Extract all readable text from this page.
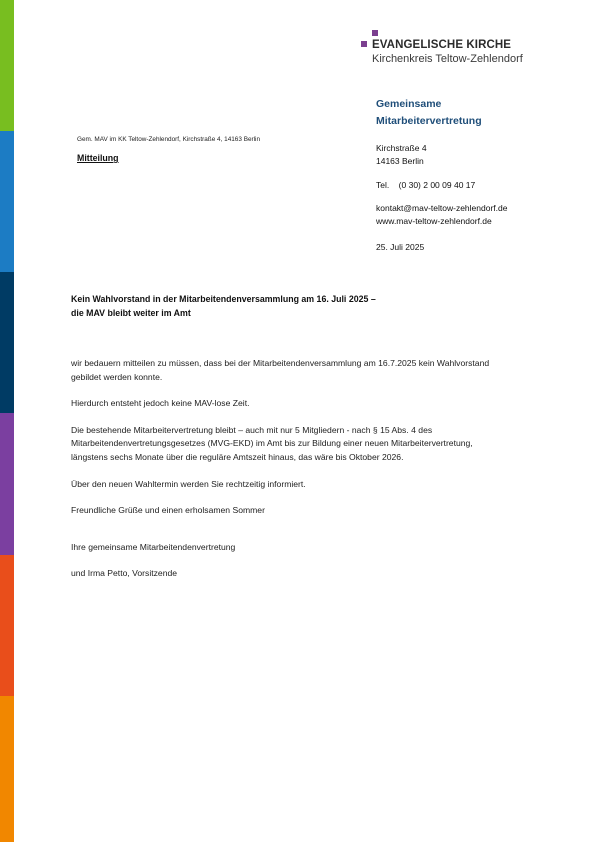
EVANGELISCHE KIRCHE
Kirchenkreis Teltow-Zehlendorf
Gemeinsame
Mitarbeitervertretung
Kirchstraße 4
14163 Berlin
Tel.    (0 30) 2 00 09 40 17
kontakt@mav-teltow-zehlendorf.de
www.mav-teltow-zehlendorf.de
25. Juli 2025
Gem. MAV im KK Teltow-Zehlendorf, Kirchstraße 4, 14163 Berlin
Mitteilung
Kein Wahlvorstand in der Mitarbeitendenversammlung am 16. Juli 2025 –
die MAV bleibt weiter im Amt

wir bedauern mitteilen zu müssen, dass bei der Mitarbeitendenversammlung am 16.7.2025 kein Wahlvorstand gebildet werden konnte.

Hierdurch entsteht jedoch keine MAV-lose Zeit.

Die bestehende Mitarbeitervertretung bleibt – auch mit nur 5 Mitgliedern - nach § 15 Abs. 4 des Mitarbeitendenvertretungsgesetzes (MVG-EKD) im Amt bis zur Bildung einer neuen Mitarbeitervertretung, längstens sechs Monate über die reguläre Amtszeit hinaus, das wäre bis Oktober 2026.

Über den neuen Wahltermin werden Sie rechtzeitig informiert.

Freundliche Grüße und einen erholsamen Sommer

Ihre gemeinsame Mitarbeitendenvertretung

und Irma Petto, Vorsitzende
